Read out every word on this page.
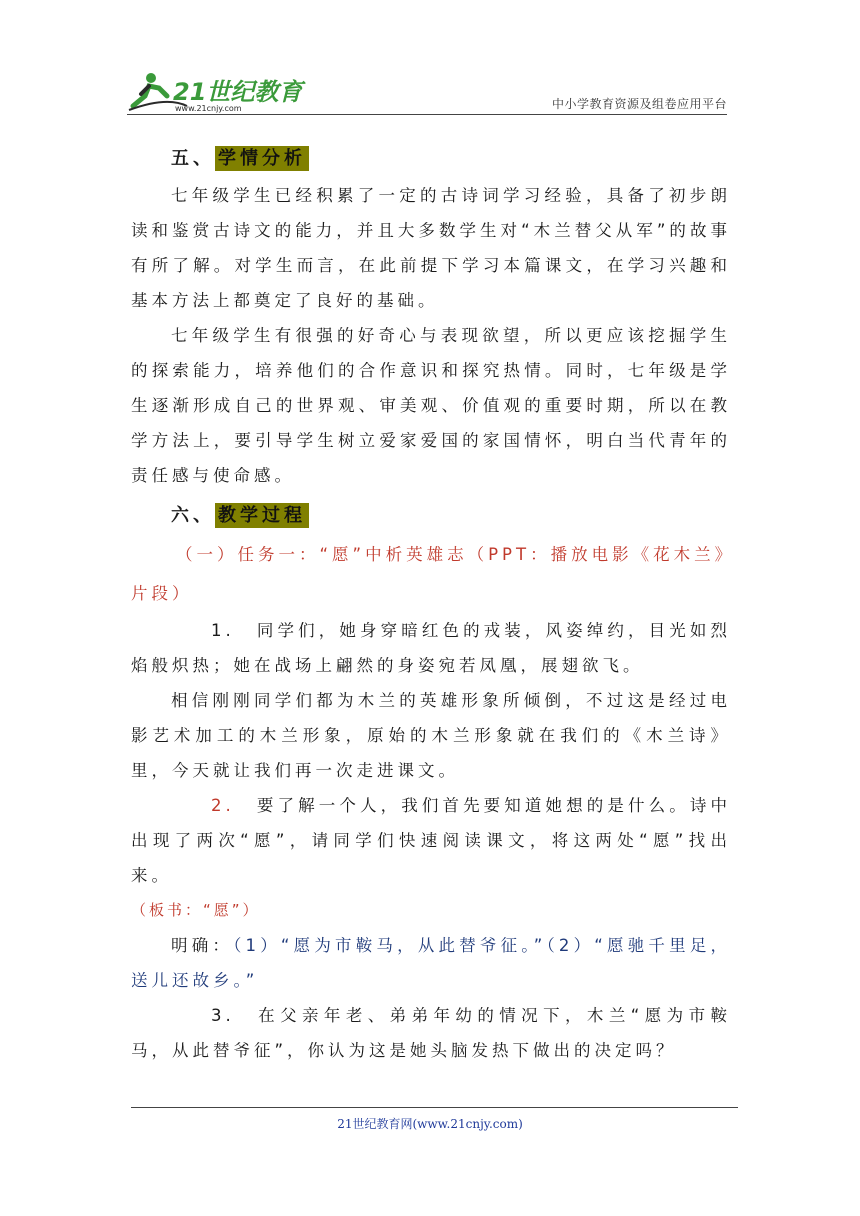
21世纪教育
www.21cnjy.com	中小学教育资源及组卷应用平台
五、 学情分析

七年级学生已经积累了一定的古诗词学习经验，具备了初步朗读和鉴赏古诗文的能力，并且大多数学生对“木兰替父从军”的故事有所了解。对学生而言，在此前提下学习本篇课文，在学习兴趣和基本方法上都奠定了良好的基础。

七年级学生有很强的好奇心与表现欲望，所以更应该挖掘学生的探索能力，培养他们的合作意识和探究热情。同时，七年级是学生逐渐形成自己的世界观、审美观、价值观的重要时期，所以在教学方法上，要引导学生树立爱家爱国的家国情怀，明白当代青年的责任感与使命感。

六、 教学过程

（一）任务一：“愿”中析英雄志（PPT：播放电影《花木兰》片段）

1. 同学们，她身穿暗红色的戎装，风姿绰约，目光如烈焰般炽热；她在战场上翩然的身姿宛若凤凰，展翅欲飞。

相信刚刚同学们都为木兰的英雄形象所倾倒，不过这是经过电影艺术加工的木兰形象，原始的木兰形象就在我们的《木兰诗》里，今天就让我们再一次走进课文。

2. 要了解一个人，我们首先要知道她想的是什么。诗中出现了两次“愿”，请同学们快速阅读课文，将这两处“愿”找出来。

（板书：“愿”）

明确：（1）“愿为市鞍马，从此替爷征。”（2）“愿驰千里足，送儿还故乡。”

3. 在父亲年老、弟弟年幼的情况下，木兰“愿为市鞍马，从此替爷征”，你认为这是她头脑发热下做出的决定吗？

21世纪教育网(www.21cnjy.com)
